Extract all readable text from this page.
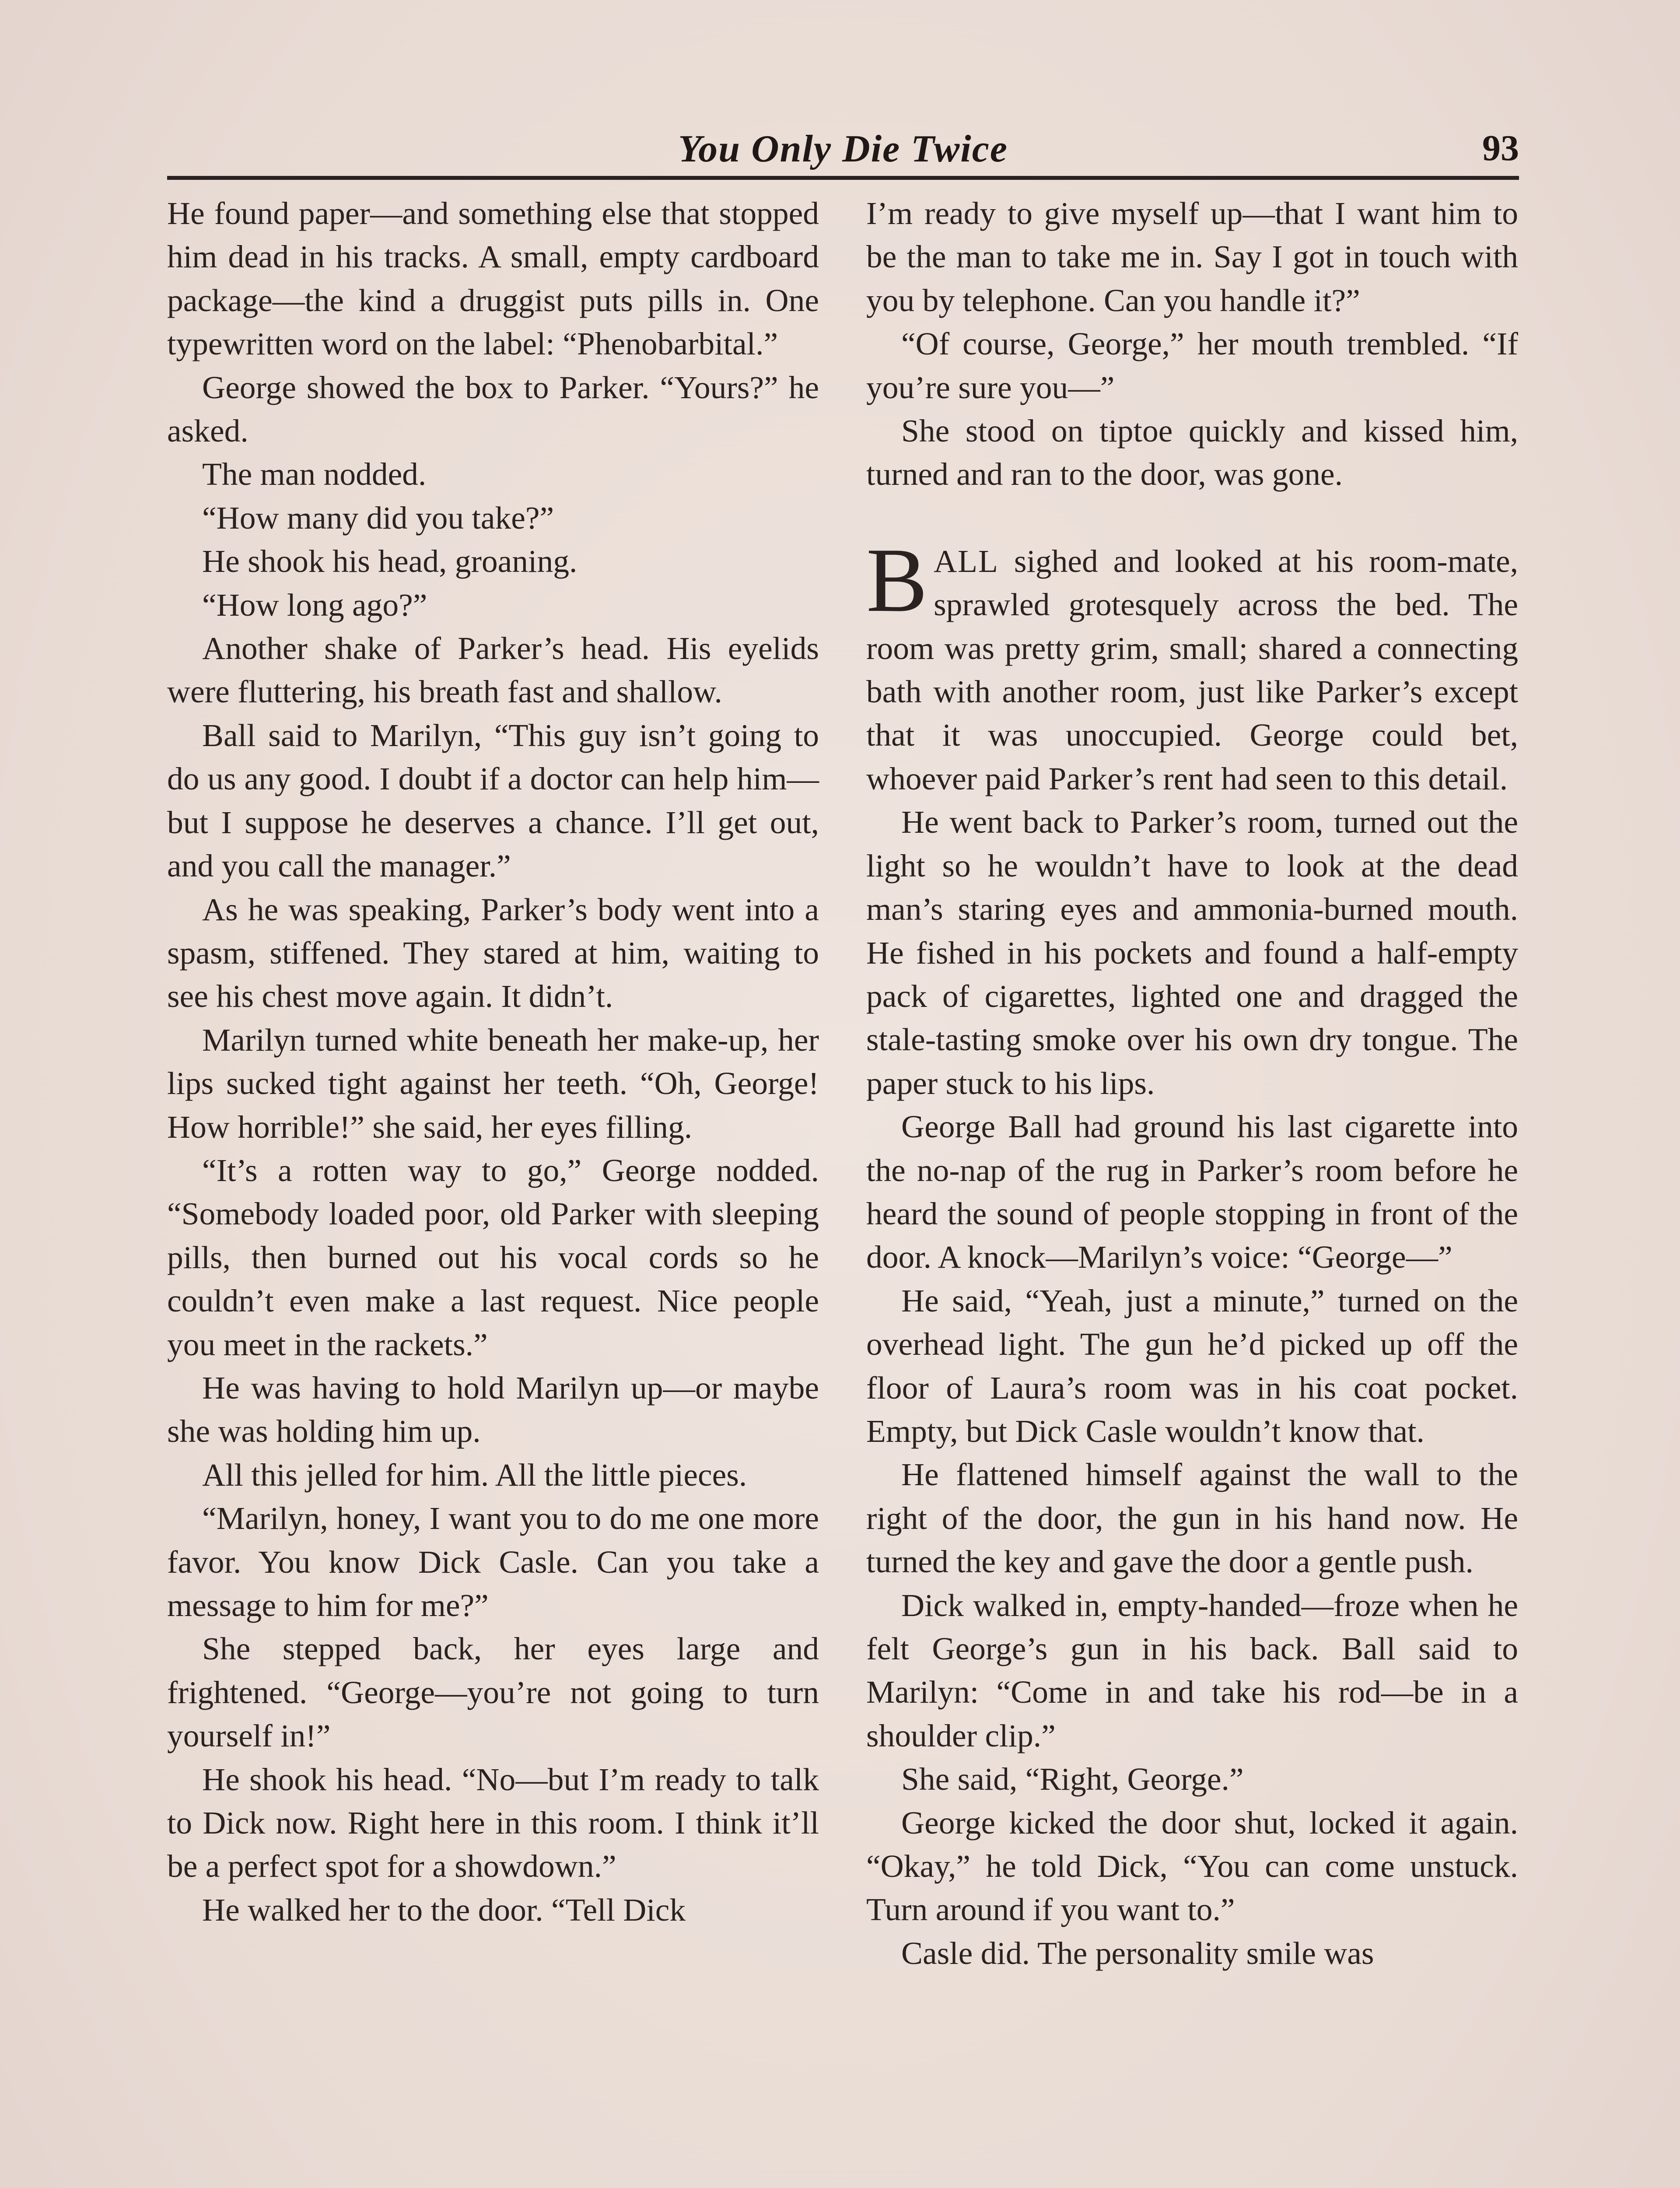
You Only Die Twice	93

He found paper—and something else that stopped him dead in his tracks. A small, empty cardboard package—the kind a druggist puts pills in. One typewritten word on the label: “Phenobarbital.”

George showed the box to Parker. “Yours?” he asked.

The man nodded.

“How many did you take?”

He shook his head, groaning.

“How long ago?”

Another shake of Parker’s head. His eyelids were fluttering, his breath fast and shallow.

Ball said to Marilyn, “This guy isn’t going to do us any good. I doubt if a doctor can help him—but I suppose he deserves a chance. I’ll get out, and you call the manager.”

As he was speaking, Parker’s body went into a spasm, stiffened. They stared at him, waiting to see his chest move again. It didn’t.

Marilyn turned white beneath her make-up, her lips sucked tight against her teeth. “Oh, George! How horrible!” she said, her eyes filling.

“It’s a rotten way to go,” George nodded. “Somebody loaded poor, old Parker with sleeping pills, then burned out his vocal cords so he couldn’t even make a last request. Nice people you meet in the rackets.”

He was having to hold Marilyn up—or maybe she was holding him up.

All this jelled for him. All the little pieces.

“Marilyn, honey, I want you to do me one more favor. You know Dick Casle. Can you take a message to him for me?”

She stepped back, her eyes large and frightened. “George—you’re not going to turn yourself in!”

He shook his head. “No—but I’m ready to talk to Dick now. Right here in this room. I think it’ll be a perfect spot for a showdown.”

He walked her to the door. “Tell Dick

I’m ready to give myself up—that I want him to be the man to take me in. Say I got in touch with you by telephone. Can you handle it?”

“Of course, George,” her mouth trembled. “If you’re sure you—”

She stood on tiptoe quickly and kissed him, turned and ran to the door, was gone.

BALL sighed and looked at his room-mate, sprawled grotesquely across the bed. The room was pretty grim, small; shared a connecting bath with another room, just like Parker’s except that it was unoccupied. George could bet, whoever paid Parker’s rent had seen to this detail.

He went back to Parker’s room, turned out the light so he wouldn’t have to look at the dead man’s staring eyes and ammonia-burned mouth. He fished in his pockets and found a half-empty pack of cigarettes, lighted one and dragged the stale-tasting smoke over his own dry tongue. The paper stuck to his lips.

George Ball had ground his last cigarette into the no-nap of the rug in Parker’s room before he heard the sound of people stopping in front of the door. A knock—Marilyn’s voice: “George—”

He said, “Yeah, just a minute,” turned on the overhead light. The gun he’d picked up off the floor of Laura’s room was in his coat pocket. Empty, but Dick Casle wouldn’t know that.

He flattened himself against the wall to the right of the door, the gun in his hand now. He turned the key and gave the door a gentle push.

Dick walked in, empty-handed—froze when he felt George’s gun in his back. Ball said to Marilyn: “Come in and take his rod—be in a shoulder clip.”

She said, “Right, George.”

George kicked the door shut, locked it again. “Okay,” he told Dick, “You can come unstuck. Turn around if you want to.”

Casle did. The personality smile was
